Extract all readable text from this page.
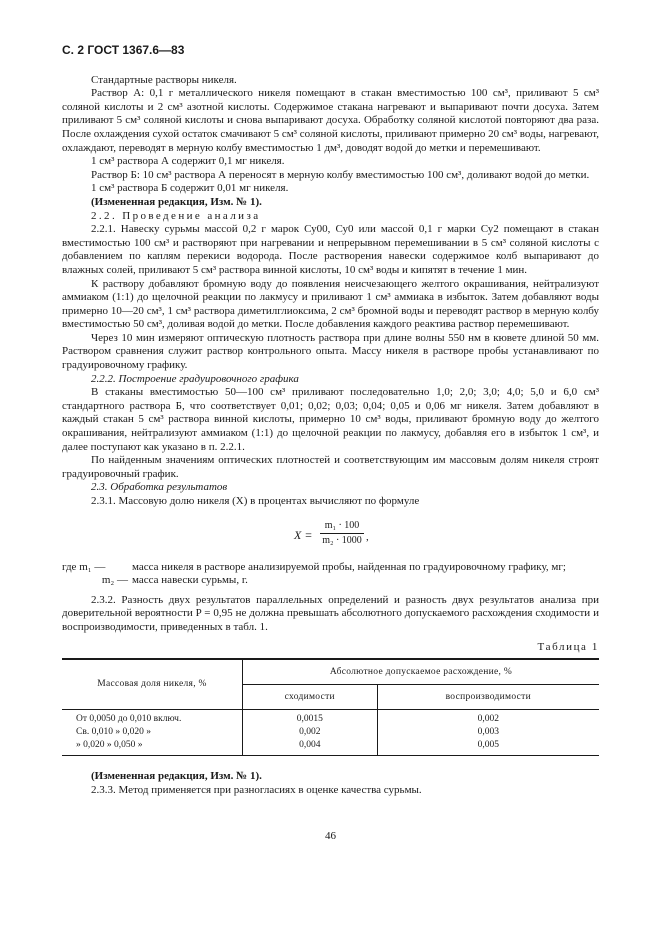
С. 2 ГОСТ 1367.6—83

Стандартные растворы никеля.

Раствор А: 0,1 г металлического никеля помещают в стакан вместимостью 100 см³, приливают 5 см³ соляной кислоты и 2 см³ азотной кислоты. Содержимое стакана нагревают и выпаривают почти досуха. Затем приливают 5 см³ соляной кислоты и снова выпаривают досуха. Обработку соляной кислотой повторяют два раза. После охлаждения сухой остаток смачивают 5 см³ соляной кислоты, приливают примерно 20 см³ воды, нагревают, охлаждают, переводят в мерную колбу вместимостью 1 дм³, доводят водой до метки и перемешивают.

1 см³ раствора А содержит 0,1 мг никеля.

Раствор Б: 10 см³ раствора А переносят в мерную колбу вместимостью 100 см³, доливают водой до метки.

1 см³ раствора Б содержит 0,01 мг никеля.

(Измененная редакция, Изм. № 1).

2.2. Проведение анализа

2.2.1. Навеску сурьмы массой 0,2 г марок Су00, Су0 или массой 0,1 г марки Су2 помещают в стакан вместимостью 100 см³ и растворяют при нагревании и непрерывном перемешивании в 5 см³ соляной кислоты с добавлением по каплям перекиси водорода. После растворения навески содержимое колб выпаривают до влажных солей, приливают 5 см³ раствора винной кислоты, 10 см³ воды и кипятят в течение 1 мин.

К раствору добавляют бромную воду до появления неисчезающего желтого окрашивания, нейтрализуют аммиаком (1:1) до щелочной реакции по лакмусу и приливают 1 см³ аммиака в избыток. Затем добавляют воды примерно 10—20 см³, 1 см³ раствора диметилглиоксима, 2 см³ бромной воды и переводят раствор в мерную колбу вместимостью 50 см³, доливая водой до метки. После добавления каждого реактива раствор перемешивают.

Через 10 мин измеряют оптическую плотность раствора при длине волны 550 нм в кювете длиной 50 мм. Раствором сравнения служит раствор контрольного опыта. Массу никеля в растворе пробы устанавливают по градуировочному графику.

2.2.2. Построение градуировочного графика

В стаканы вместимостью 50—100 см³ приливают последовательно 1,0; 2,0; 3,0; 4,0; 5,0 и 6,0 см³ стандартного раствора Б, что соответствует 0,01; 0,02; 0,03; 0,04; 0,05 и 0,06 мг никеля. Затем добавляют в каждый стакан 5 см³ раствора винной кислоты, примерно 10 см³ воды, приливают бромную воду до желтого окрашивания, нейтрализуют аммиаком (1:1) до щелочной реакции по лакмусу, добавляя его в избыток 1 см³, и далее поступают как указано в п. 2.2.1.

По найденным значениям оптических плотностей и соответствующим им массовым долям никеля строят градуировочный график.

2.3. Обработка результатов

2.3.1. Массовую долю никеля (X) в процентах вычисляют по формуле

$X = \frac{\text{m₁ · 100}}{\text{m₂ · 1000}}$ ,
где m₁ —	масса никеля в растворе анализируемой пробы, найденная по градуировочному графику, мг;
m₂ — масса навески сурьмы, г.

2.3.2. Разность двух результатов параллельных определений и разность двух результатов анализа при доверительной вероятности P = 0,95 не должна превышать абсолютного допускаемого расхождения сходимости и воспроизводимости, приведенных в табл. 1.

Таблица 1
Массовая доля никеля, %	Абсолютное допускаемое расхождение, %	
	сходимости	воспроизводимости
От 0,0050 до 0,010 включ.	0,0015	0,002
Св. 0,010 » 0,020 »	0,002	0,003
» 0,020 » 0,050 »	0,004	0,005

(Измененная редакция, Изм. № 1).

2.3.3. Метод применяется при разногласиях в оценке качества сурьмы.

46
